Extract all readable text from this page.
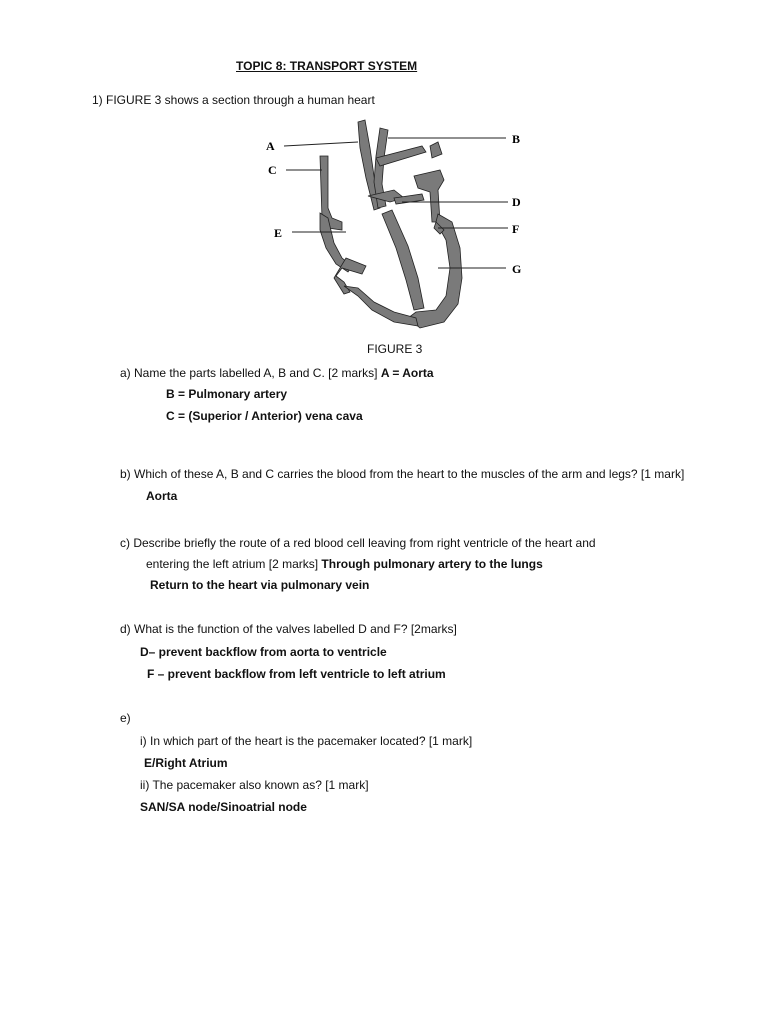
TOPIC 8: TRANSPORT SYSTEM
1) FIGURE 3 shows a section through a human heart
A	B
C
D
E	F
G
FIGURE 3
a) Name the parts labelled A, B and C. [2 marks] A = Aorta
B = Pulmonary artery
C = (Superior / Anterior) vena cava
b) Which of these A, B and C carries the blood from the heart to the muscles of the arm and legs? [1 mark]
Aorta
c) Describe briefly the route of a red blood cell leaving from right ventricle of the heart and
entering the left atrium [2 marks] Through pulmonary artery to the lungs
Return to the heart via pulmonary vein
d) What is the function of the valves labelled D and F? [2marks]
D– prevent backflow from aorta to ventricle
F – prevent backflow from left ventricle to left atrium
e)
i) In which part of the heart is the pacemaker located? [1 mark]
E/Right Atrium
ii) The pacemaker also known as? [1 mark]
SAN/SA node/Sinoatrial node
